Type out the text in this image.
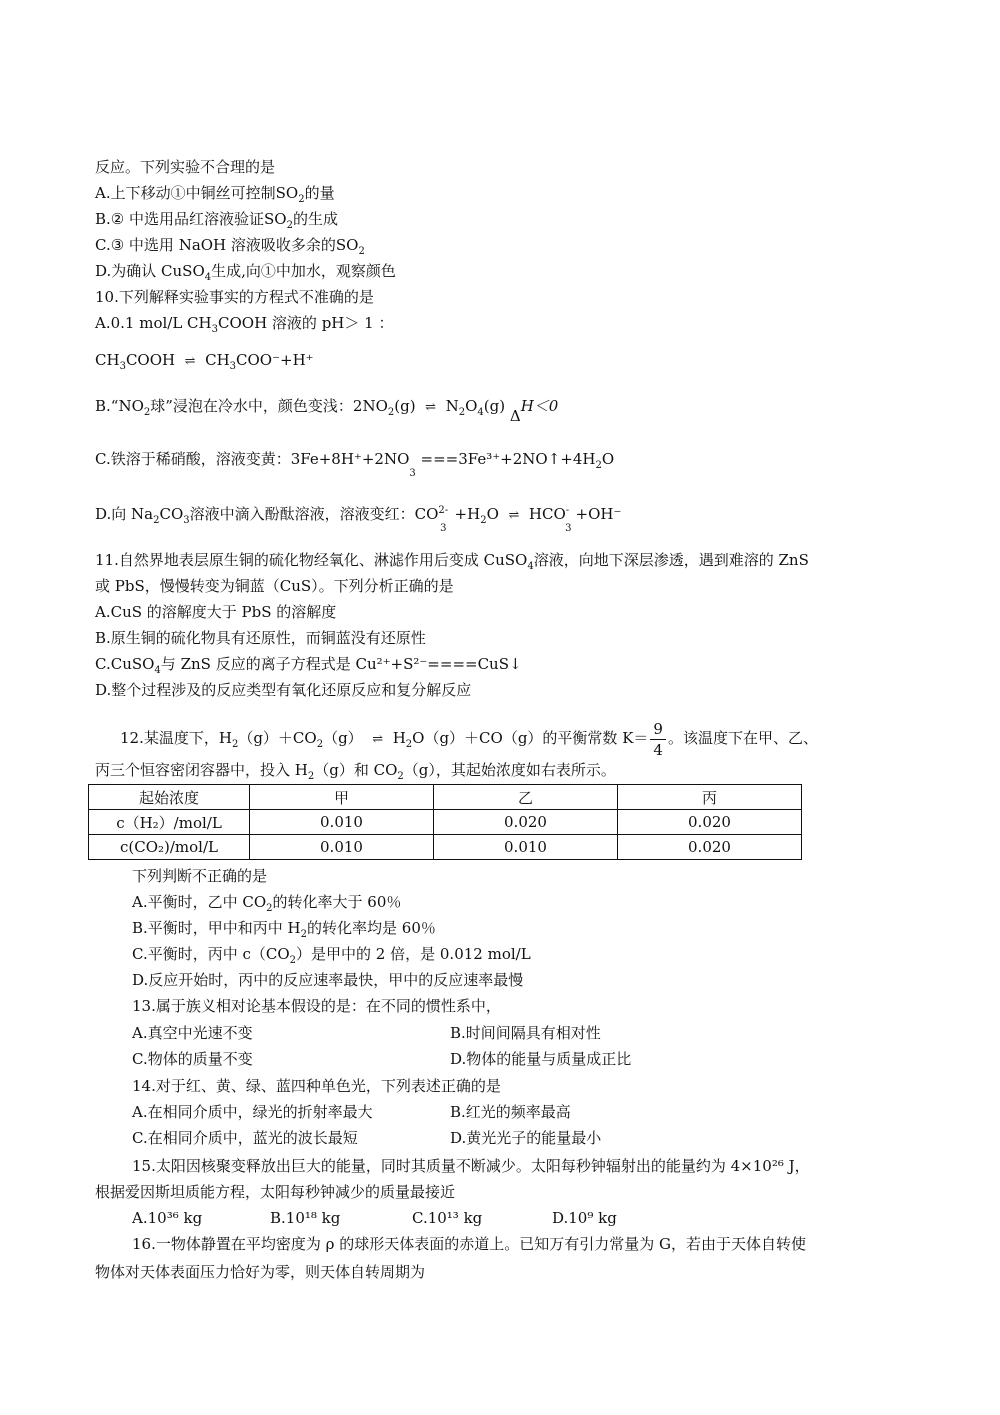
反应。下列实验不合理的是
A.上下移动①中铜丝可控制$SO_2$的量
B.② 中选用品红溶液验证$SO_2$的生成
C.③ 中选用 NaOH 溶液吸收多余的$SO_2$
D.为确认 CuSO$_4$生成,向①中加水，观察颜色
10.下列解释实验事实的方程式不准确的是
A.0.1 mol/L $CH_3COOH$ 溶液的 pH＞ 1 ：
$CH_3COOH$ ⇌ $CH_3COO^-+H^+$
$B.“NO_2$球”浸泡在冷水中，颜色变浅：$2NO_2(g)$ ⇌ $N_2O_4(g)$ ΔH＜0
C.铁溶于稀硝酸，溶液变黄：$3Fe+8H^++2NO_3$ $===3Fe^{3+}+2NO↑+4H_2O$
D.向 $Na_2CO_3$溶液中滴入酚酞溶液，溶液变红：$CO^{2-}_3+H_2O$ ⇌ $HCO^-_3+OH^-$
11.自然界地表层原生铜的硫化物经氧化、淋滤作用后变成 CuSO$_4$溶液，向地下深层渗透，遇到难溶的 ZnS
或 PbS，慢慢转变为铜蓝（CuS）。下列分析正确的是
A.CuS 的溶解度大于 PbS 的溶解度
B.原生铜的硫化物具有还原性，而铜蓝没有还原性
C.CuSO$_4$与 ZnS 反应的离子方程式是 Cu²⁺+S²⁻====CuS↓
D.整个过程涉及的反应类型有氧化还原反应和复分解反应
12.某温度下，$H_2(g)+CO_2(g)$ ⇌ $H_2O(g)+CO(g)$的平衡常数 $K= \frac{9}{4}$ 。该温度下在甲、乙、
丙三个恒容密闭容器中，投入 $H_2(g)$和 $CO_2(g)$，其起始浓度如右表所示。
起始浓度	甲	乙	丙
c（H₂）/mol/L	0.010	0.020	0.020
c(CO₂)/mol/L	0.010	0.010	0.020
下列判断不正确的是
A.平衡时，乙中 $CO_2$的转化率大于 60％
B.平衡时，甲中和丙中 $H_2$的转化率均是 60％
C.平衡时，丙中 $c(CO_2)$是甲中的 2 倍，是 0.012 mol/L
D.反应开始时，丙中的反应速率最快，甲中的反应速率最慢
13.属于族义相对论基本假设的是：在不同的惯性系中，
A.真空中光速不变	B.时间间隔具有相对性
C.物体的质量不变	D.物体的能量与质量成正比
14.对于红、黄、绿、蓝四种单色光，下列表述正确的是
A.在相同介质中，绿光的折射率最大	B.红光的频率最高
C.在相同介质中，蓝光的波长最短	D.黄光光子的能量最小
15.太阳因核聚变释放出巨大的能量，同时其质量不断减少。太阳每秒钟辐射出的能量约为 4×10²⁶ J，
根据爱因斯坦质能方程，太阳每秒钟减少的质量最接近
A.10³⁶ kg	B.10¹⁸ kg	C.10¹³ kg	D.10⁹ kg
16.一物体静置在平均密度为 ρ 的球形天体表面的赤道上。已知万有引力常量为 G，若由于天体自转使
物体对天体表面压力恰好为零，则天体自转周期为
